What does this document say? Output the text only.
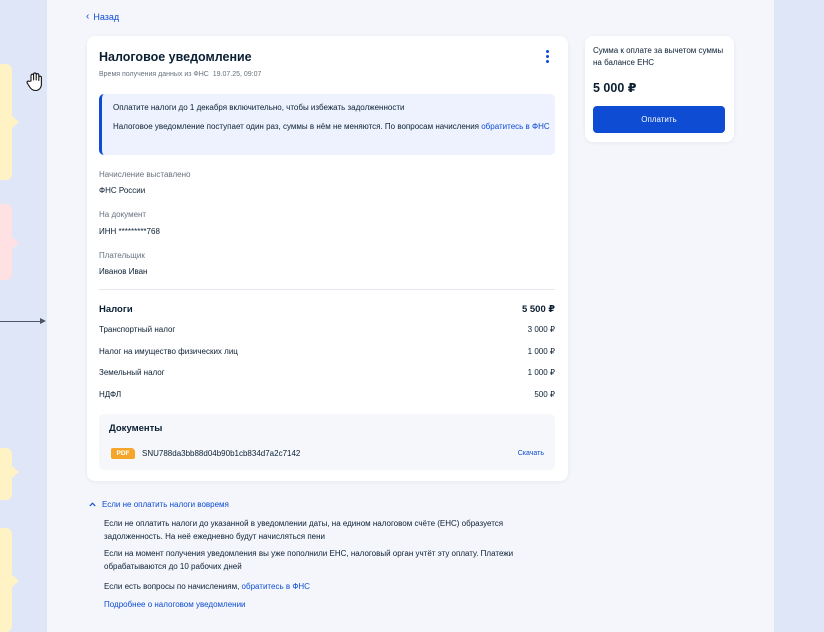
‹ Назад
Налоговое уведомление
Время получения данных из ФНС 19.07.25, 09:07
Оплатите налоги до 1 декабря включительно, чтобы избежать задолженности
Налоговое уведомление поступает один раз, суммы в нём не меняются. По вопросам начисления обратитесь в ФНС
Начисление выставлено
ФНС России
На документ
ИНН *********768
Плательщик
Иванов Иван
Налоги	5 500 ₽
Транспортный налог	3 000 ₽
Налог на имущество физических лиц	1 000 ₽
Земельный налог	1 000 ₽
НДФЛ	500 ₽
Документы
PDF	SNU788da3bb88d04b90b1cb834d7a2c7142	Скачать
Сумма к оплате за вычетом суммы на балансе ЕНС
5 000 ₽
Оплатить
Если не оплатить налоги вовремя
Если не оплатить налоги до указанной в уведомлении даты, на едином налоговом счёте (ЕНС) образуется задолженность. На неё ежедневно будут начисляться пени
Если на момент получения уведомления вы уже пополнили ЕНС, налоговый орган учтёт эту оплату. Платежи обрабатываются до 10 рабочих дней
Если есть вопросы по начислениям, обратитесь в ФНС
Подробнее о налоговом уведомлении
